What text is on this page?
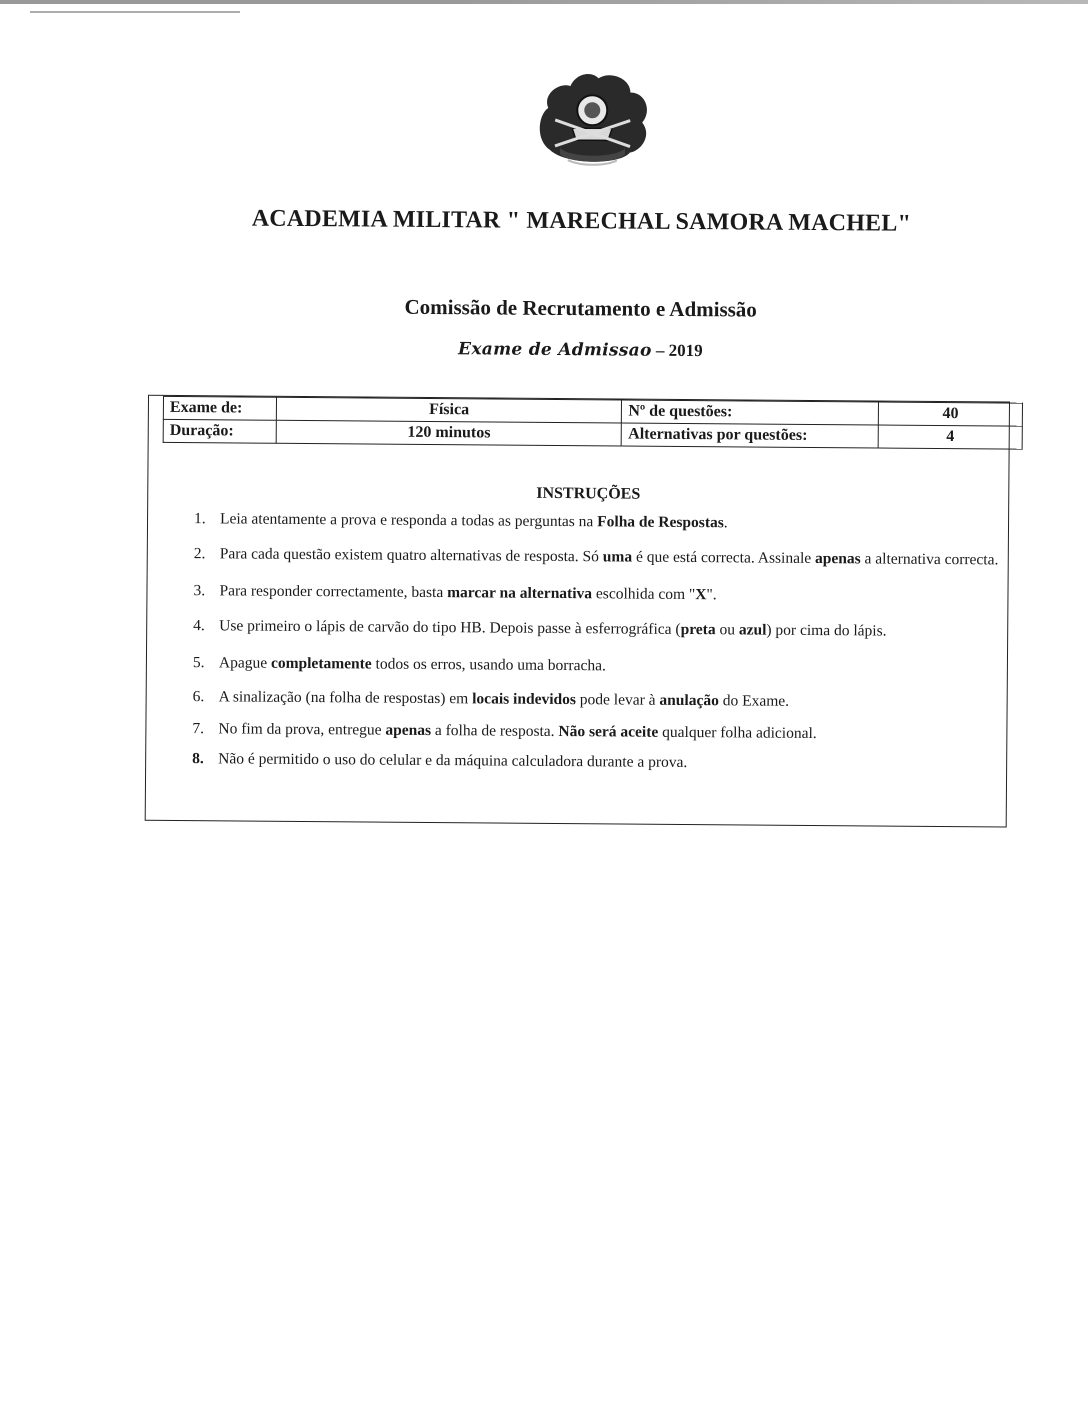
ACADEMIA MILITAR " MARECHAL SAMORA MACHEL"
Comissão de Recrutamento e Admissão
Exame de Admissao – 2019
Exame de:	Física	Nº de questões:	40
Duração:	120 minutos	Alternativas por questões:	4
INSTRUÇÕES
1. Leia atentamente a prova e responda a todas as perguntas na Folha de Respostas.
2. Para cada questão existem quatro alternativas de resposta. Só uma é que está correcta. Assinale apenas a alternativa correcta.
3. Para responder correctamente, basta marcar na alternativa escolhida com "X".
4. Use primeiro o lápis de carvão do tipo HB. Depois passe à esferrográfica (preta ou azul) por cima do lápis.
5. Apague completamente todos os erros, usando uma borracha.
6. A sinalização (na folha de respostas) em locais indevidos pode levar à anulação do Exame.
7. No fim da prova, entregue apenas a folha de resposta. Não será aceite qualquer folha adicional.
8. Não é permitido o uso do celular e da máquina calculadora durante a prova.
